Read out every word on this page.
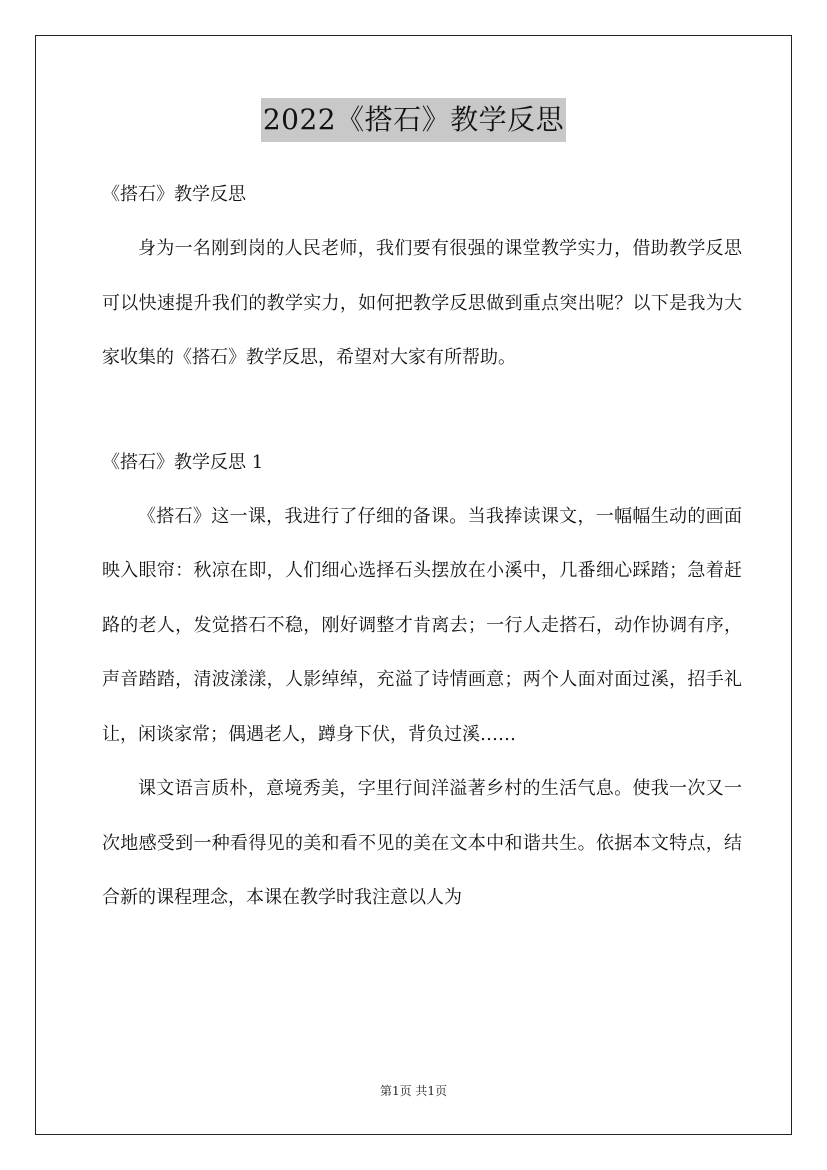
2022《搭石》教学反思

《搭石》教学反思

身为一名刚到岗的人民老师，我们要有很强的课堂教学实力，借助教学反思可以快速提升我们的教学实力，如何把教学反思做到重点突出呢？以下是我为大家收集的《搭石》教学反思，希望对大家有所帮助。

《搭石》教学反思 1

《搭石》这一课，我进行了仔细的备课。当我捧读课文，一幅幅生动的画面映入眼帘：秋凉在即，人们细心选择石头摆放在小溪中，几番细心踩踏；急着赶路的老人，发觉搭石不稳，刚好调整才肯离去；一行人走搭石，动作协调有序，声音踏踏，清波漾漾，人影绰绰，充溢了诗情画意；两个人面对面过溪，招手礼让，闲谈家常；偶遇老人，蹲身下伏，背负过溪……

课文语言质朴，意境秀美，字里行间洋溢著乡村的生活气息。使我一次又一次地感受到一种看得见的美和看不见的美在文本中和谐共生。依据本文特点，结合新的课程理念，本课在教学时我注意以人为

第1页 共1页
